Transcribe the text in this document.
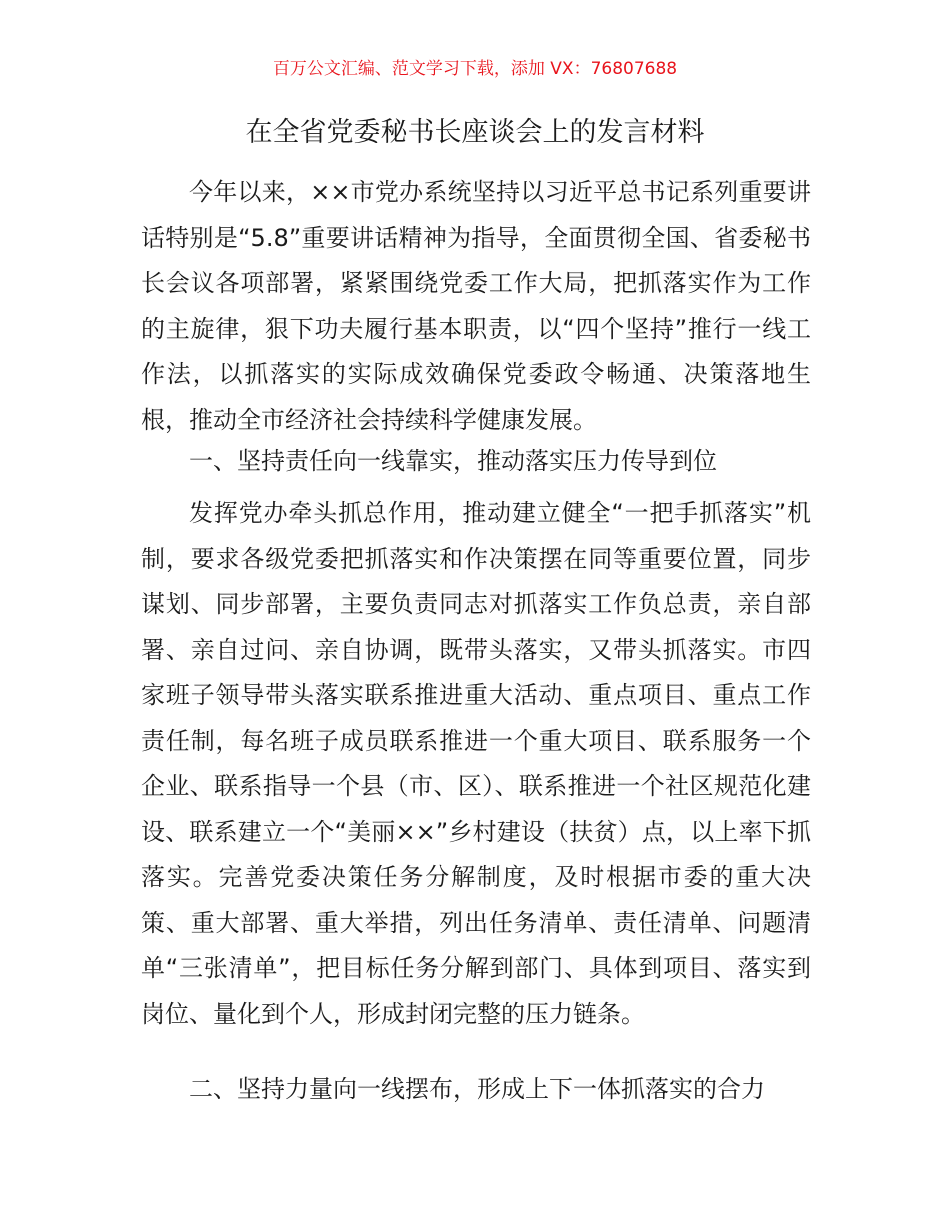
百万公文汇编、范文学习下载，添加 VX：76807688
在全省党委秘书长座谈会上的发言材料

今年以来，××市党办系统坚持以习近平总书记系列重要讲话特别是“5.8”重要讲话精神为指导，全面贯彻全国、省委秘书长会议各项部署，紧紧围绕党委工作大局，把抓落实作为工作的主旋律，狠下功夫履行基本职责，以“四个坚持”推行一线工作法，以抓落实的实际成效确保党委政令畅通、决策落地生根，推动全市经济社会持续科学健康发展。

一、坚持责任向一线靠实，推动落实压力传导到位

发挥党办牵头抓总作用，推动建立健全“一把手抓落实”机制，要求各级党委把抓落实和作决策摆在同等重要位置，同步谋划、同步部署，主要负责同志对抓落实工作负总责，亲自部署、亲自过问、亲自协调，既带头落实，又带头抓落实。市四家班子领导带头落实联系推进重大活动、重点项目、重点工作责任制，每名班子成员联系推进一个重大项目、联系服务一个企业、联系指导一个县（市、区）、联系推进一个社区规范化建设、联系建立一个“美丽××”乡村建设（扶贫）点，以上率下抓落实。完善党委决策任务分解制度，及时根据市委的重大决策、重大部署、重大举措，列出任务清单、责任清单、问题清单“三张清单”，把目标任务分解到部门、具体到项目、落实到岗位、量化到个人，形成封闭完整的压力链条。

二、坚持力量向一线摆布，形成上下一体抓落实的合力
